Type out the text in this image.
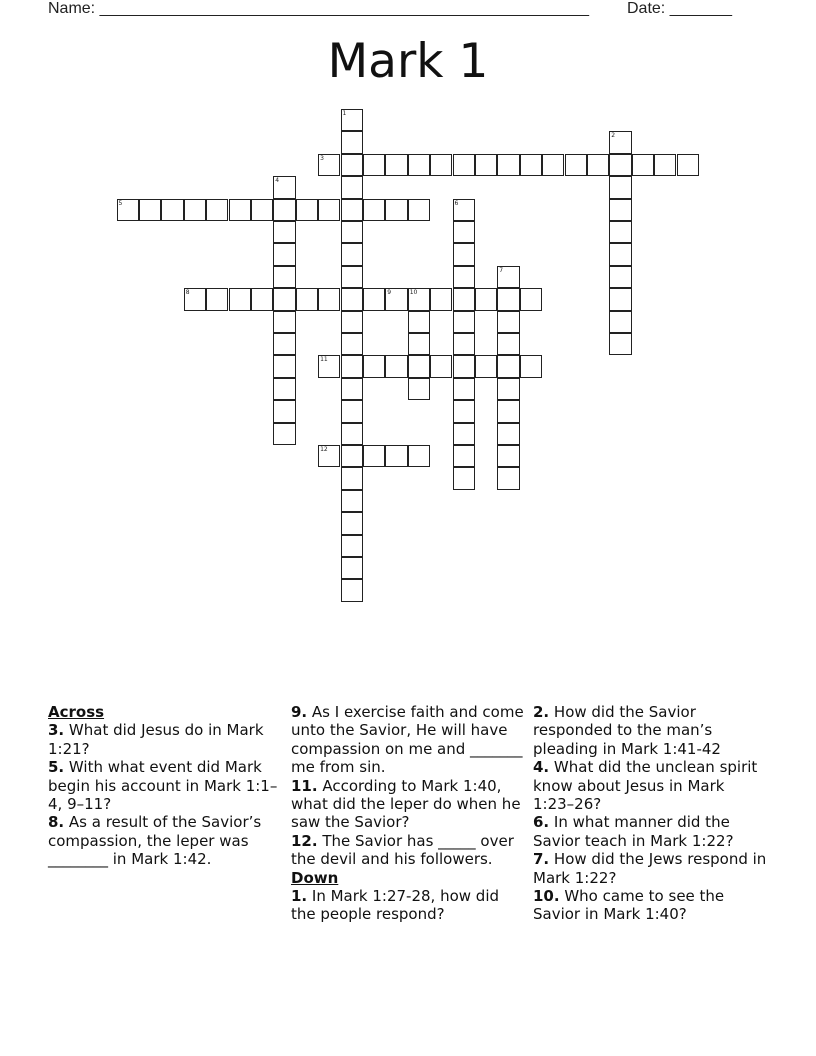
Name: _______________________________________________________ Date: _______
Mark 1
1
2
3
4
5	6
7
8	9	10
11
12
Across

3. What did Jesus do in Mark 1:21?

5. With what event did Mark begin his account in Mark 1:1–4, 9–11?

8. As a result of the Savior’s compassion, the leper was ________ in Mark 1:42.

9. As I exercise faith and come unto the Savior, He will have compassion on me and _______ me from sin.

11. According to Mark 1:40, what did the leper do when he saw the Savior?

12. The Savior has _____ over the devil and his followers.

Down

1. In Mark 1:27-28, how did the people respond?

2. How did the Savior responded to the man’s pleading in Mark 1:41-42

4. What did the unclean spirit know about Jesus in Mark 1:23–26?

6. In what manner did the Savior teach in Mark 1:22?

7. How did the Jews respond in Mark 1:22?

10. Who came to see the Savior in Mark 1:40?
